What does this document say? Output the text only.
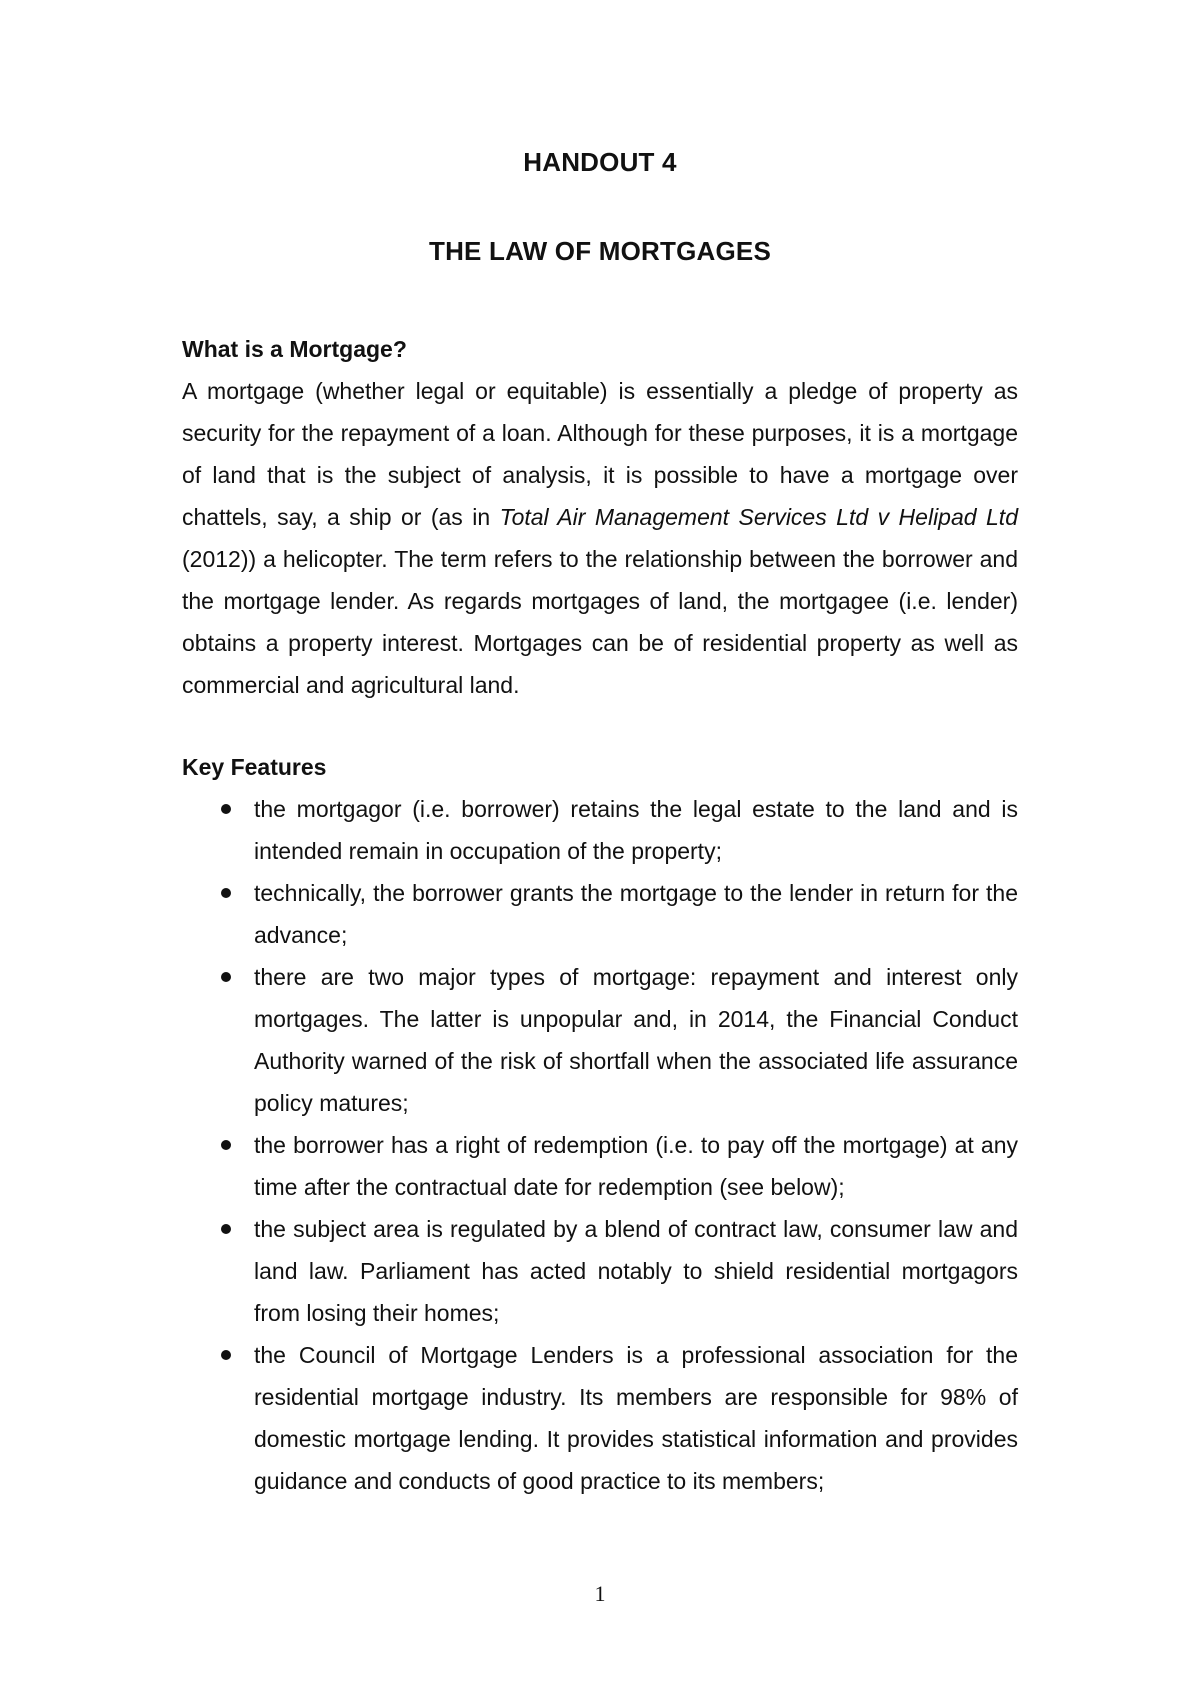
HANDOUT 4
THE LAW OF MORTGAGES

What is a Mortgage?

A mortgage (whether legal or equitable) is essentially a pledge of property as security for the repayment of a loan. Although for these purposes, it is a mortgage of land that is the subject of analysis, it is possible to have a mortgage over chattels, say, a ship or (as in Total Air Management Services Ltd v Helipad Ltd (2012)) a helicopter. The term refers to the relationship between the borrower and the mortgage lender. As regards mortgages of land, the mortgagee (i.e. lender) obtains a property interest. Mortgages can be of residential property as well as commercial and agricultural land.

Key Features

the mortgagor (i.e. borrower) retains the legal estate to the land and is intended remain in occupation of the property;
technically, the borrower grants the mortgage to the lender in return for the advance;
there are two major types of mortgage: repayment and interest only mortgages. The latter is unpopular and, in 2014, the Financial Conduct Authority warned of the risk of shortfall when the associated life assurance policy matures;
the borrower has a right of redemption (i.e. to pay off the mortgage) at any time after the contractual date for redemption (see below);
the subject area is regulated by a blend of contract law, consumer law and land law. Parliament has acted notably to shield residential mortgagors from losing their homes;
the Council of Mortgage Lenders is a professional association for the residential mortgage industry. Its members are responsible for 98% of domestic mortgage lending. It provides statistical information and provides guidance and conducts of good practice to its members;
1
